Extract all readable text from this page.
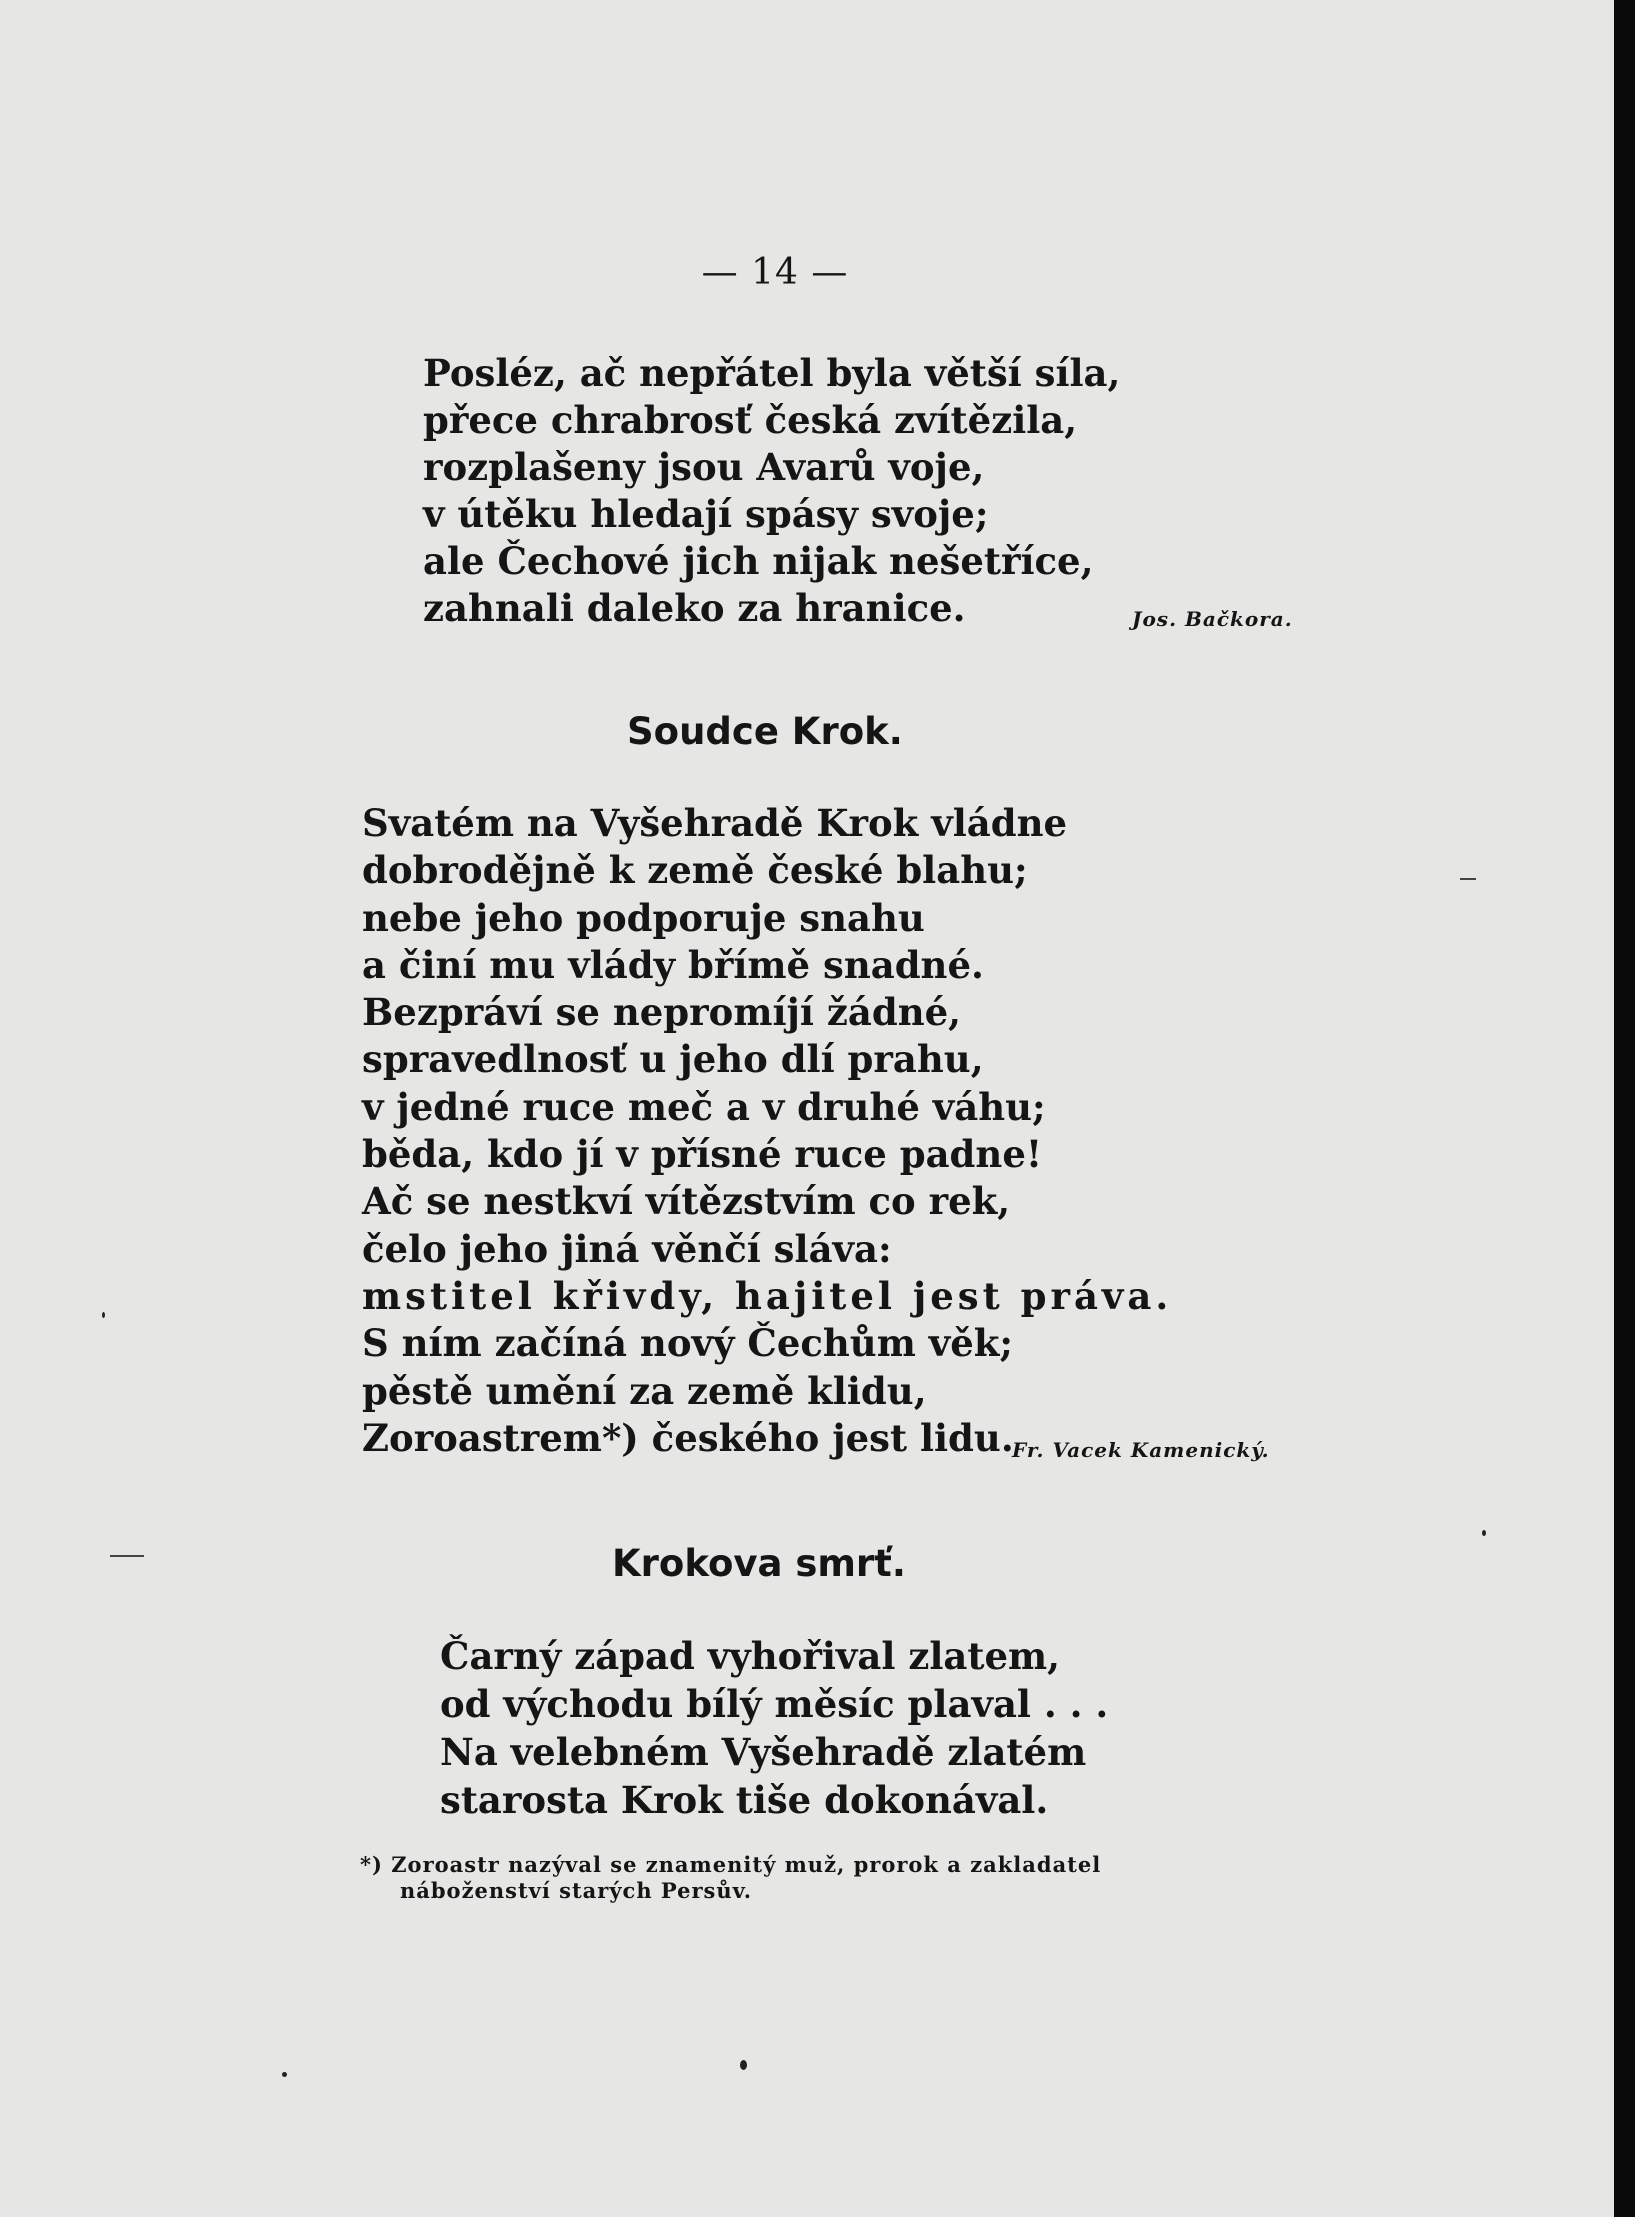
— 14 —
Posléz, ač nepřátel byla větší síla,
přece chrabrosť česká zvítězila,
rozplašeny jsou Avarů voje,
v útěku hledají spásy svoje;
ale Čechové jich nijak nešetříce,
zahnali daleko za hranice.	Jos. Bačkora.
Soudce Krok.
Svatém na Vyšehradě Krok vládne
dobrodějně k země české blahu;
nebe jeho podporuje snahu
a činí mu vlády břímě snadné.
Bezpráví se nepromíjí žádné,
spravedlnosť u jeho dlí prahu,
v jedné ruce meč a v druhé váhu;
běda, kdo jí v přísné ruce padne!
Ač se nestkví vítězstvím co rek,
čelo jeho jiná věnčí sláva:
mstitel křivdy, hajitel jest práva.
S ním začíná nový Čechům věk;
pěstě umění za země klidu,
Zoroastrem*) českého jest lidu.
Fr. Vacek Kamenický.
Krokova smrť.
Čarný západ vyhořival zlatem,
od východu bílý měsíc plaval . . .
Na velebném Vyšehradě zlatém
starosta Krok tiše dokonával.
*) Zoroastr nazýval se znamenitý muž, prorok a zakladatel
náboženství starých Persův.
